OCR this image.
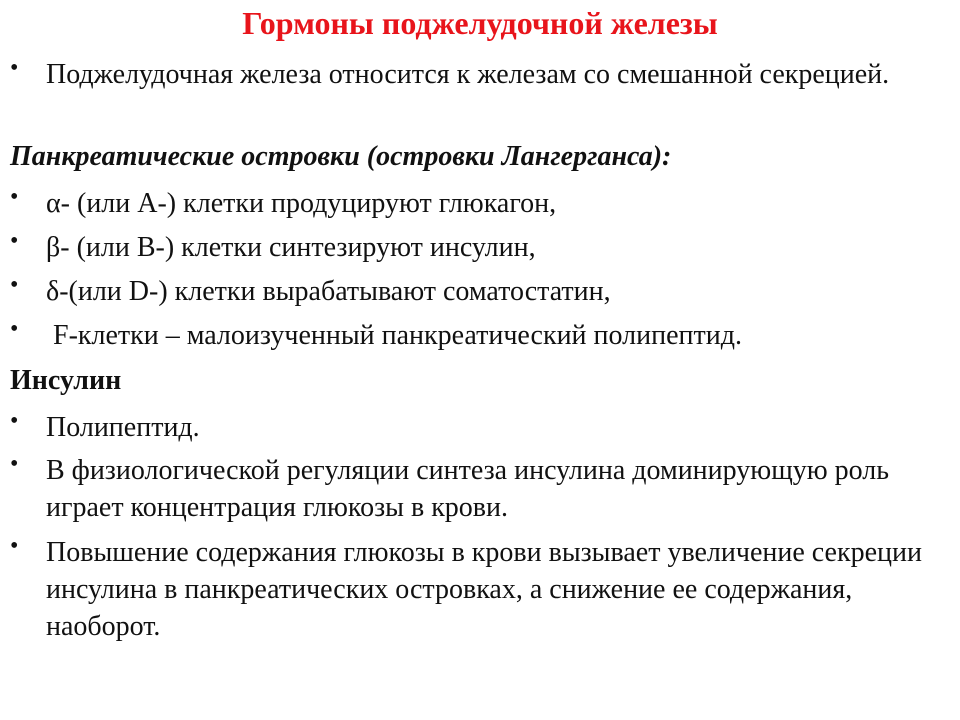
Гормоны поджелудочной железы
• Поджелудочная железа относится к железам со смешанной секрецией.
Панкреатические островки (островки Лангерганса):
• α- (или А-) клетки продуцируют глюкагон,
• β- (или В-) клетки синтезируют инсулин,
• δ-(или D-) клетки вырабатывают соматостатин,
• F-клетки – малоизученный панкреатический полипептид.
Инсулин
• Полипептид.
• В физиологической регуляции синтеза инсулина доминирующую роль играет концентрация глюкозы в крови.
• Повышение содержания глюкозы в крови вызывает увеличение секреции инсулина в панкреатических островках, а снижение ее содержания, наоборот.
